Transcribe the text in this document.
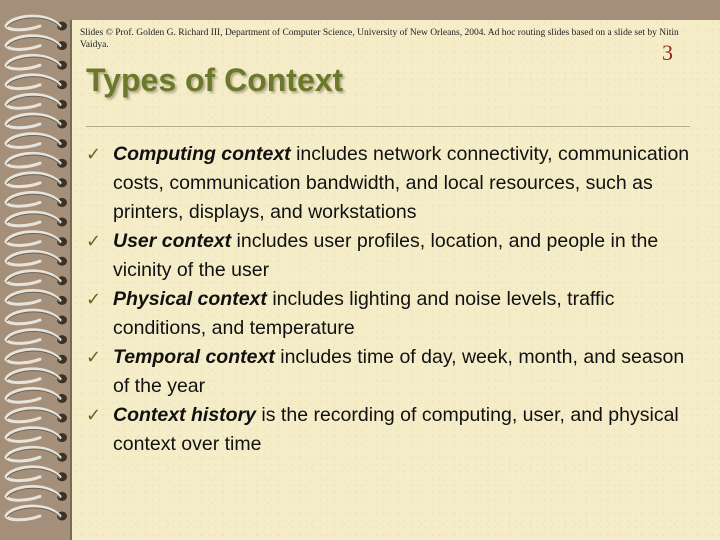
Slides © Prof. Golden G. Richard III, Department of Computer Science, University of New Orleans, 2004. Ad hoc routing slides based on a slide set by Nitin Vaidya.	3
Types of Context
✓ Computing context includes network connectivity, communication costs, communication bandwidth, and local resources, such as printers, displays, and workstations
✓ User context includes user profiles, location, and people in the vicinity of the user
✓ Physical context includes lighting and noise levels, traffic conditions, and temperature
✓ Temporal context includes time of day, week, month, and season of the year
✓ Context history is the recording of computing, user, and physical context over time
